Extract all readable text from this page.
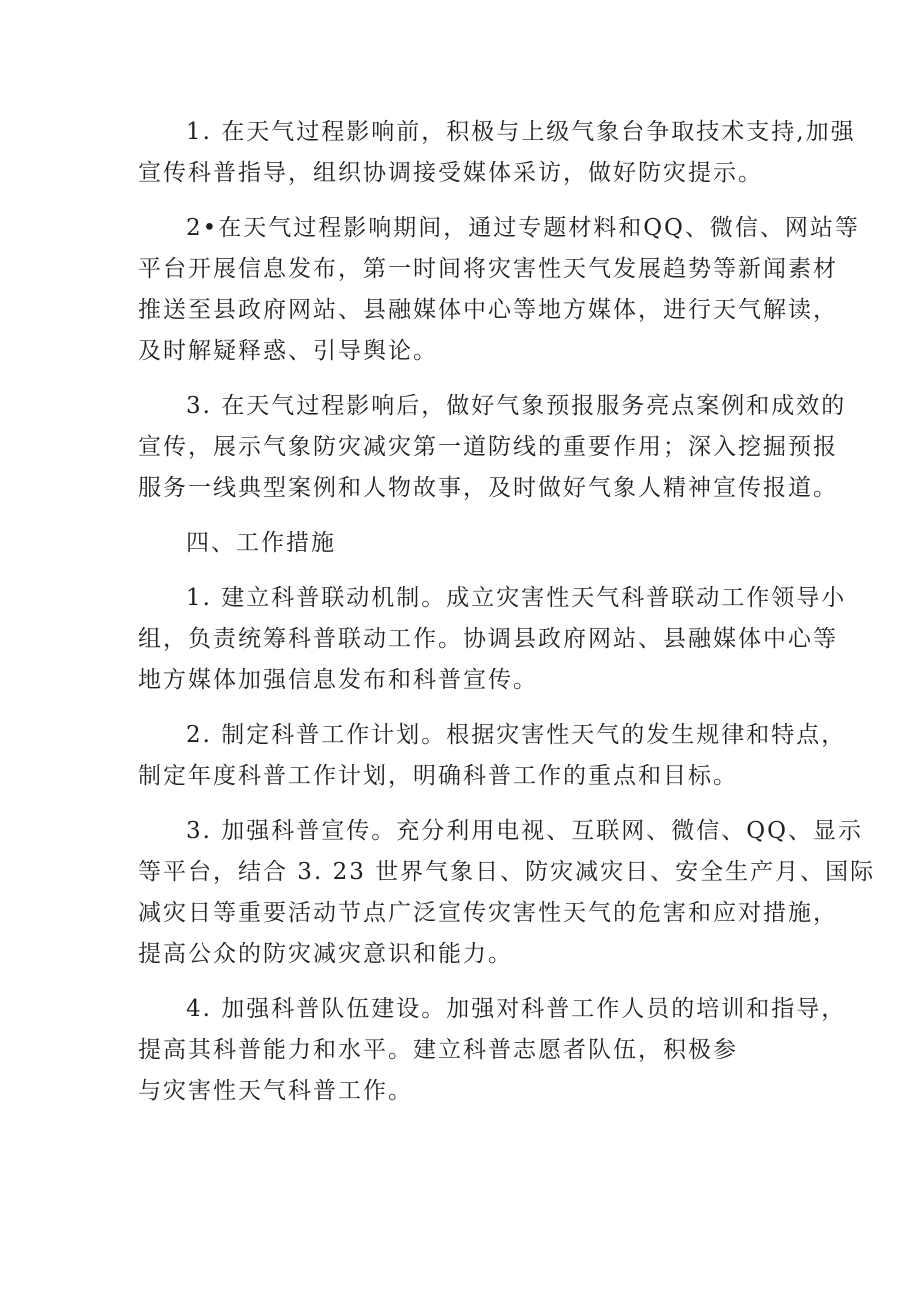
1. 在天气过程影响前，积极与上级气象台争取技术支持,加强
宣传科普指导，组织协调接受媒体采访，做好防灾提示。

2•在天气过程影响期间，通过专题材料和QQ、微信、网站等
平台开展信息发布，第一时间将灾害性天气发展趋势等新闻素材
推送至县政府网站、县融媒体中心等地方媒体，进行天气解读，
及时解疑释惑、引导舆论。

3. 在天气过程影响后，做好气象预报服务亮点案例和成效的
宣传，展示气象防灾减灾第一道防线的重要作用；深入挖掘预报
服务一线典型案例和人物故事，及时做好气象人精神宣传报道。

四、工作措施

1. 建立科普联动机制。成立灾害性天气科普联动工作领导小
组，负责统筹科普联动工作。协调县政府网站、县融媒体中心等
地方媒体加强信息发布和科普宣传。

2. 制定科普工作计划。根据灾害性天气的发生规律和特点，
制定年度科普工作计划，明确科普工作的重点和目标。

3. 加强科普宣传。充分利用电视、互联网、微信、QQ、显示
等平台，结合 3. 23 世界气象日、防灾减灾日、安全生产月、国际
减灾日等重要活动节点广泛宣传灾害性天气的危害和应对措施，
提高公众的防灾减灾意识和能力。

4. 加强科普队伍建设。加强对科普工作人员的培训和指导，
提高其科普能力和水平。建立科普志愿者队伍，积极参
与灾害性天气科普工作。
